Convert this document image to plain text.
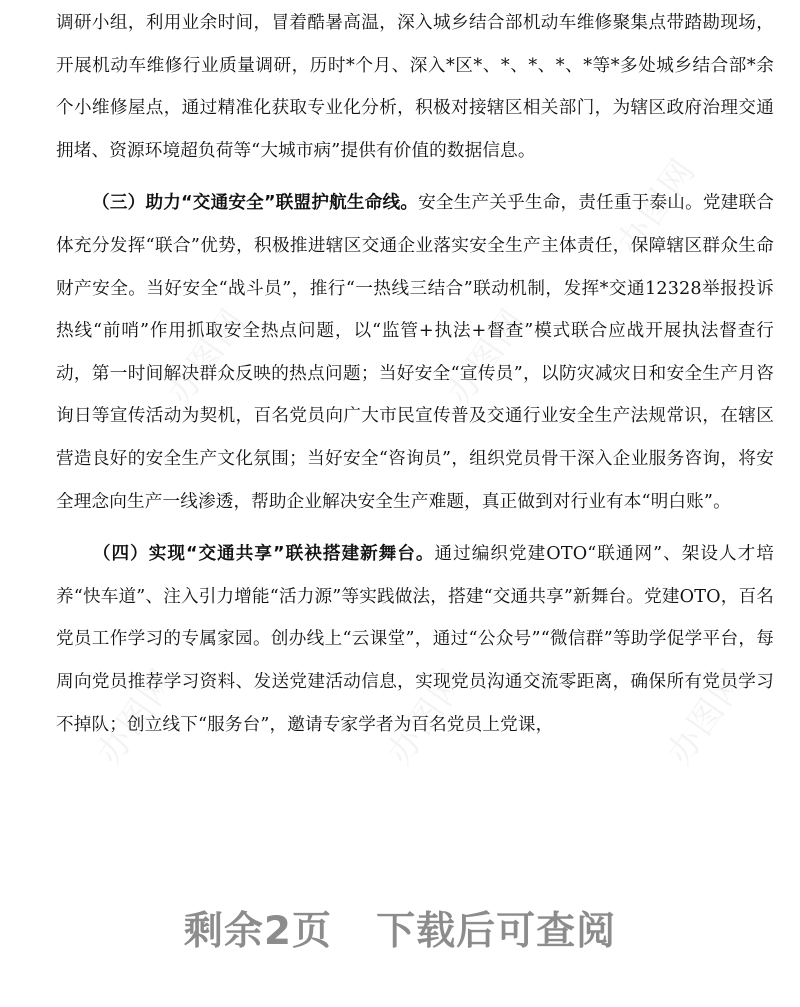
办图网	办图网
办图网	办图网	办图网
办图网

调研小组，利用业余时间，冒着酷暑高温，深入城乡结合部机动车维修聚集点带踏勘现场，开展机动车维修行业质量调研，历时*个月、深入*区*、*、*、*、*等*多处城乡结合部*余个小维修屋点，通过精准化获取专业化分析，积极对接辖区相关部门，为辖区政府治理交通拥堵、资源环境超负荷等“大城市病”提供有价值的数据信息。

（三）助力“交通安全”联盟护航生命线。安全生产关乎生命，责任重于泰山。党建联合体充分发挥“联合”优势，积极推进辖区交通企业落实安全生产主体责任，保障辖区群众生命财产安全。当好安全“战斗员”，推行“一热线三结合”联动机制，发挥*交通12328举报投诉热线“前哨”作用抓取安全热点问题，以“监管+执法+督查”模式联合应战开展执法督查行动，第一时间解决群众反映的热点问题；当好安全“宣传员”，以防灾减灾日和安全生产月咨询日等宣传活动为契机，百名党员向广大市民宣传普及交通行业安全生产法规常识，在辖区营造良好的安全生产文化氛围；当好安全“咨询员”，组织党员骨干深入企业服务咨询，将安全理念向生产一线渗透，帮助企业解决安全生产难题，真正做到对行业有本“明白账”。

（四）实现“交通共享”联袂搭建新舞台。通过编织党建OTO“联通网”、架设人才培养“快车道”、注入引力增能“活力源”等实践做法，搭建“交通共享”新舞台。党建OTO，百名党员工作学习的专属家园。创办线上“云课堂”，通过“公众号”“微信群”等助学促学平台，每周向党员推荐学习资料、发送党建活动信息，实现党员沟通交流零距离，确保所有党员学习不掉队；创立线下“服务台”，邀请专家学者为百名党员上党课，

剩余2页 下载后可查阅
